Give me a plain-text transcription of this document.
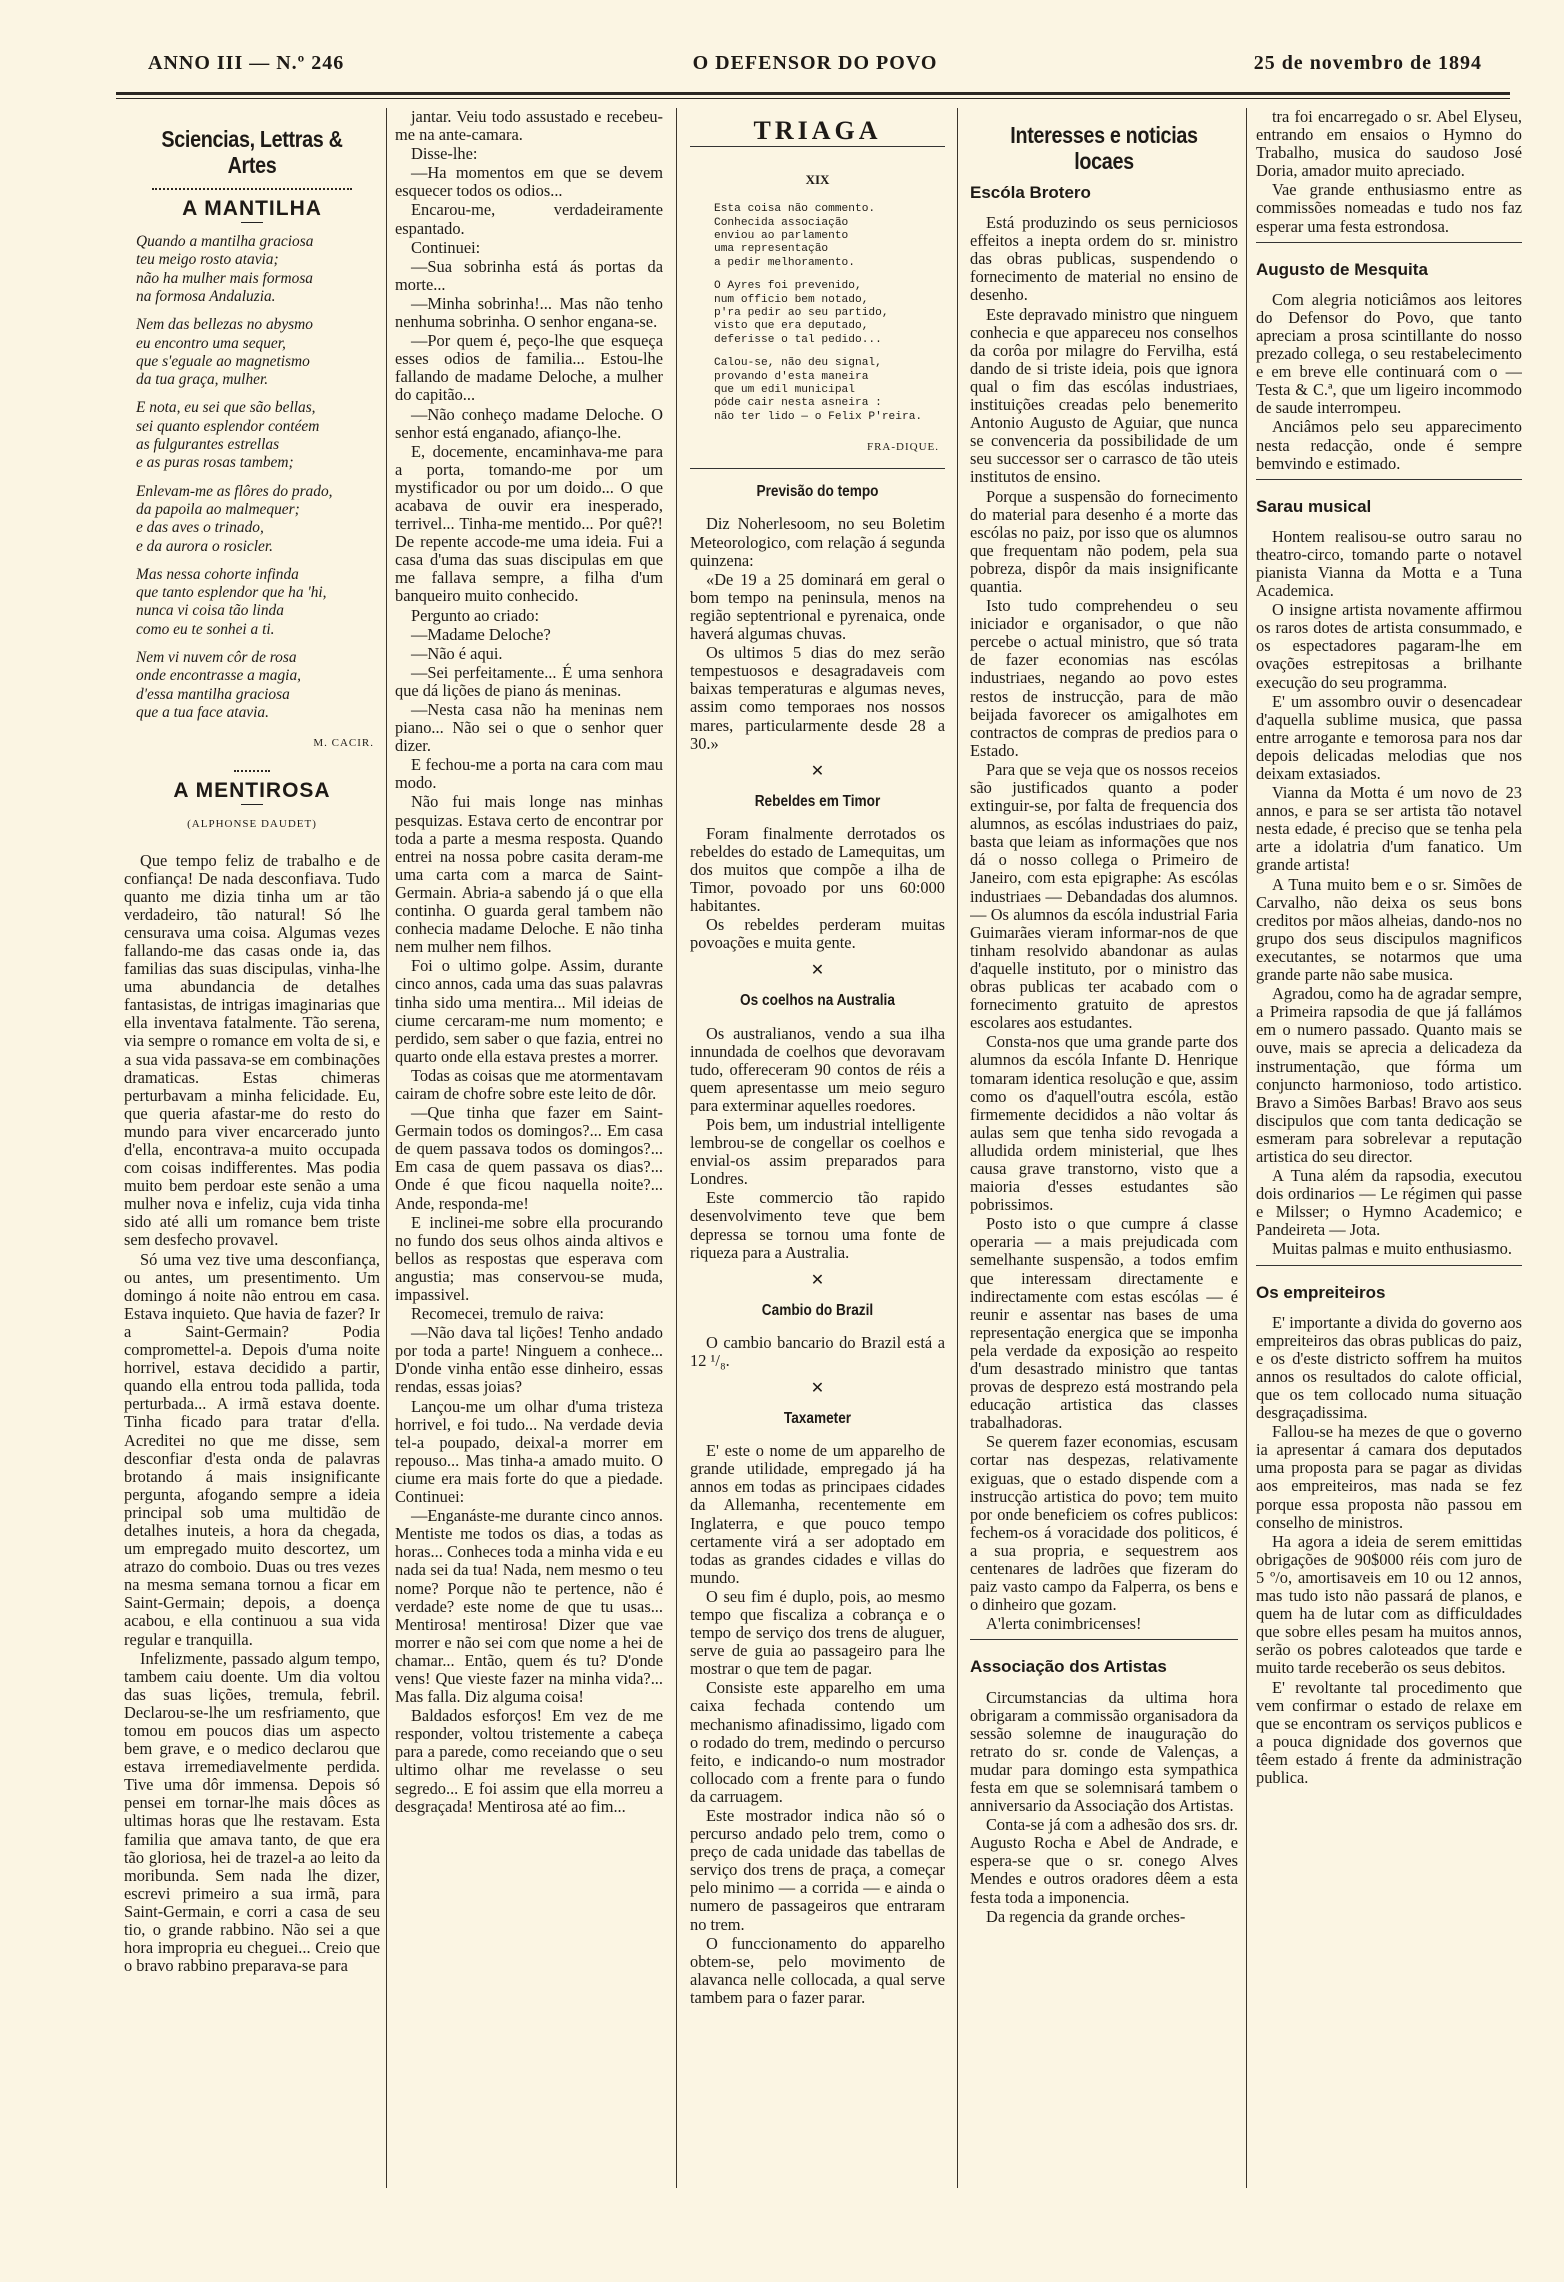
ANNO III — N.º 246	O DEFENSOR DO POVO	25 de novembro de 1894
Sciencias, Lettras & Artes
A MANTILHA
Quando a mantilha graciosa
teu meigo rosto atavia;
não ha mulher mais formosa
na formosa Andaluzia.

Nem das bellezas no abysmo
eu encontro uma sequer,
que s'eguale ao magnetismo
da tua graça, mulher.

E nota, eu sei que são bellas,
sei quanto esplendor contéem
as fulgurantes estrellas
e as puras rosas tambem;

Enlevam-me as flôres do prado,
da papoila ao malmequer;
e das aves o trinado,
e da aurora o rosicler.

Mas nessa cohorte infinda
que tanto esplendor que ha 'hi,
nunca vi coisa tão linda
como eu te sonhei a ti.

Nem vi nuvem côr de rosa
onde encontrasse a magia,
d'essa mantilha graciosa
que a tua face atavia.
M. CACIR.
A MENTIROSA
(ALPHONSE DAUDET)

Que tempo feliz de trabalho e de confiança! De nada desconfiava. Tudo quanto me dizia tinha um ar tão verdadeiro, tão natural! Só lhe censurava uma coisa. Algumas vezes fallando-me das casas onde ia, das familias das suas discipulas, vinha-lhe uma abundancia de detalhes fantasistas, de intrigas imaginarias que ella inventava fatalmente. Tão serena, via sempre o romance em volta de si, e a sua vida passava-se em combinações dramaticas. Estas chimeras perturbavam a minha felicidade. Eu, que queria afastar-me do resto do mundo para viver encarcerado junto d'ella, encontrava-a muito occupada com coisas indifferentes. Mas podia muito bem perdoar este senão a uma mulher nova e infeliz, cuja vida tinha sido até alli um romance bem triste sem desfecho provavel.

Só uma vez tive uma desconfiança, ou antes, um presentimento. Um domingo á noite não entrou em casa. Estava inquieto. Que havia de fazer? Ir a Saint-Germain? Podia compromettel-a. Depois d'uma noite horrivel, estava decidido a partir, quando ella entrou toda pallida, toda perturbada... A irmã estava doente. Tinha ficado para tratar d'ella. Acreditei no que me disse, sem desconfiar d'esta onda de palavras brotando á mais insignificante pergunta, afogando sempre a ideia principal sob uma multidão de detalhes inuteis, a hora da chegada, um empregado muito descortez, um atrazo do comboio. Duas ou tres vezes na mesma semana tornou a ficar em Saint-Germain; depois, a doença acabou, e ella continuou a sua vida regular e tranquilla.

Infelizmente, passado algum tempo, tambem caiu doente. Um dia voltou das suas lições, tremula, febril. Declarou-se-lhe um resfriamento, que tomou em poucos dias um aspecto bem grave, e o medico declarou que estava irremediavelmente perdida. Tive uma dôr immensa. Depois só pensei em tornar-lhe mais dôces as ultimas horas que lhe restavam. Esta familia que amava tanto, de que era tão gloriosa, hei de trazel-a ao leito da moribunda. Sem nada lhe dizer, escrevi primeiro a sua irmã, para Saint-Germain, e corri a casa de seu tio, o grande rabbino. Não sei a que hora impropria eu cheguei... Creio que o bravo rabbino preparava-se para

jantar. Veiu todo assustado e recebeu-me na ante-camara.

Disse-lhe:

—Ha momentos em que se devem esquecer todos os odios...

Encarou-me, verdadeiramente espantado.

Continuei:

—Sua sobrinha está ás portas da morte...

—Minha sobrinha!... Mas não tenho nenhuma sobrinha. O senhor engana-se.

—Por quem é, peço-lhe que esqueça esses odios de familia... Estou-lhe fallando de madame Deloche, a mulher do capitão...

—Não conheço madame Deloche. O senhor está enganado, afianço-lhe.

E, docemente, encaminhava-me para a porta, tomando-me por um mystificador ou por um doido... O que acabava de ouvir era inesperado, terrivel... Tinha-me mentido... Por quê?! De repente accode-me uma ideia. Fui a casa d'uma das suas discipulas em que me fallava sempre, a filha d'um banqueiro muito conhecido.

Pergunto ao criado:

—Madame Deloche?

—Não é aqui.

—Sei perfeitamente... É uma senhora que dá lições de piano ás meninas.

—Nesta casa não ha meninas nem piano... Não sei o que o senhor quer dizer.

E fechou-me a porta na cara com mau modo.

Não fui mais longe nas minhas pesquizas. Estava certo de encontrar por toda a parte a mesma resposta. Quando entrei na nossa pobre casita deram-me uma carta com a marca de Saint-Germain. Abria-a sabendo já o que ella continha. O guarda geral tambem não conhecia madame Deloche. E não tinha nem mulher nem filhos.

Foi o ultimo golpe. Assim, durante cinco annos, cada uma das suas palavras tinha sido uma mentira... Mil ideias de ciume cercaram-me num momento; e perdido, sem saber o que fazia, entrei no quarto onde ella estava prestes a morrer.

Todas as coisas que me atormentavam cairam de chofre sobre este leito de dôr.

—Que tinha que fazer em Saint-Germain todos os domingos?... Em casa de quem passava todos os domingos?... Em casa de quem passava os dias?... Onde é que ficou naquella noite?... Ande, responda-me!

E inclinei-me sobre ella procurando no fundo dos seus olhos ainda altivos e bellos as respostas que esperava com angustia; mas conservou-se muda, impassivel.

Recomecei, tremulo de raiva:

—Não dava tal lições! Tenho andado por toda a parte! Ninguem a conhece... D'onde vinha então esse dinheiro, essas rendas, essas joias?

Lançou-me um olhar d'uma tristeza horrivel, e foi tudo... Na verdade devia tel-a poupado, deixal-a morrer em repouso... Mas tinha-a amado muito. O ciume era mais forte do que a piedade. Continuei:

—Enganáste-me durante cinco annos. Mentiste me todos os dias, a todas as horas... Conheces toda a minha vida e eu nada sei da tua! Nada, nem mesmo o teu nome? Porque não te pertence, não é verdade? este nome de que tu usas... Mentirosa! mentirosa! Dizer que vae morrer e não sei com que nome a hei de chamar... Então, quem és tu? D'onde vens! Que vieste fazer na minha vida?... Mas falla. Diz alguma coisa!

Baldados esforços! Em vez de me responder, voltou tristemente a cabeça para a parede, como receiando que o seu ultimo olhar me revelasse o seu segredo... E foi assim que ella morreu a desgraçada! Mentirosa até ao fim...

TRIAGA
XIX
Esta coisa não commento.
Conhecida associação
enviou ao parlamento
uma representação
a pedir melhoramento.

O Ayres foi prevenido,
num officio bem notado,
p'ra pedir ao seu partido,
visto que era deputado,
deferisse o tal pedido...

Calou-se, não deu signal,
provando d'esta maneira
que um edil municipal
póde cair nesta asneira :
não ter lido — o Felix P'reira.
FRA-DIQUE.
Previsão do tempo

Diz Noherlesoom, no seu Boletim Meteorologico, com relação á segunda quinzena:

«De 19 a 25 dominará em geral o bom tempo na peninsula, menos na região septentrional e pyrenaica, onde haverá algumas chuvas.

Os ultimos 5 dias do mez serão tempestuosos e desagradaveis com baixas temperaturas e algumas neves, assim como temporaes nos nossos mares, particularmente desde 28 a 30.»

✕
Rebeldes em Timor

Foram finalmente derrotados os rebeldes do estado de Lamequitas, um dos muitos que compõe a ilha de Timor, povoado por uns 60:000 habitantes.

Os rebeldes perderam muitas povoações e muita gente.

✕
Os coelhos na Australia

Os australianos, vendo a sua ilha innundada de coelhos que devoravam tudo, offereceram 90 contos de réis a quem apresentasse um meio seguro para exterminar aquelles roedores.

Pois bem, um industrial intelligente lembrou-se de congellar os coelhos e envial-os assim preparados para Londres.

Este commercio tão rapido desenvolvimento teve que bem depressa se tornou uma fonte de riqueza para a Australia.

✕
Cambio do Brazil

O cambio bancario do Brazil está a 12 ¹/₈.

✕
Taxameter

E' este o nome de um apparelho de grande utilidade, empregado já ha annos em todas as principaes cidades da Allemanha, recentemente em Inglaterra, e que pouco tempo certamente virá a ser adoptado em todas as grandes cidades e villas do mundo.

O seu fim é duplo, pois, ao mesmo tempo que fiscaliza a cobrança e o tempo de serviço dos trens de aluguer, serve de guia ao passageiro para lhe mostrar o que tem de pagar.

Consiste este apparelho em uma caixa fechada contendo um mechanismo afinadissimo, ligado com o rodado do trem, medindo o percurso feito, e indicando-o num mostrador collocado com a frente para o fundo da carruagem.

Este mostrador indica não só o percurso andado pelo trem, como o preço de cada unidade das tabellas de serviço dos trens de praça, a começar pelo minimo — a corrida — e ainda o numero de passageiros que entraram no trem.

O funccionamento do apparelho obtem-se, pelo movimento de alavanca nelle collocada, a qual serve tambem para o fazer parar.

Interesses e noticias locaes
Escóla Brotero

Está produzindo os seus perniciosos effeitos a inepta ordem do sr. ministro das obras publicas, suspendendo o fornecimento de material no ensino de desenho.

Este depravado ministro que ninguem conhecia e que appareceu nos conselhos da corôa por milagre do Fervilha, está dando de si triste ideia, pois que ignora qual o fim das escólas industriaes, instituições creadas pelo benemerito Antonio Augusto de Aguiar, que nunca se convenceria da possibilidade de um seu successor ser o carrasco de tão uteis institutos de ensino.

Porque a suspensão do fornecimento do material para desenho é a morte das escólas no paiz, por isso que os alumnos que frequentam não podem, pela sua pobreza, dispôr da mais insignificante quantia.

Isto tudo comprehendeu o seu iniciador e organisador, o que não percebe o actual ministro, que só trata de fazer economias nas escólas industriaes, negando ao povo estes restos de instrucção, para de mão beijada favorecer os amigalhotes em contractos de compras de predios para o Estado.

Para que se veja que os nossos receios são justificados quanto a poder extinguir-se, por falta de frequencia dos alumnos, as escólas industriaes do paiz, basta que leiam as informações que nos dá o nosso collega o Primeiro de Janeiro, com esta epigraphe: As escólas industriaes — Debandadas dos alumnos. — Os alumnos da escóla industrial Faria Guimarães vieram informar-nos de que tinham resolvido abandonar as aulas d'aquelle instituto, por o ministro das obras publicas ter acabado com o fornecimento gratuito de aprestos escolares aos estudantes.

Consta-nos que uma grande parte dos alumnos da escóla Infante D. Henrique tomaram identica resolução e que, assim como os d'aquell'outra escóla, estão firmemente decididos a não voltar ás aulas sem que tenha sido revogada a alludida ordem ministerial, que lhes causa grave transtorno, visto que a maioria d'esses estudantes são pobrissimos.

Posto isto o que cumpre á classe operaria — a mais prejudicada com semelhante suspensão, a todos emfim que interessam directamente e indirectamente com estas escólas — é reunir e assentar nas bases de uma representação energica que se imponha pela verdade da exposição ao respeito d'um desastrado ministro que tantas provas de desprezo está mostrando pela educação artistica das classes trabalhadoras.

Se querem fazer economias, escusam cortar nas despezas, relativamente exiguas, que o estado dispende com a instrucção artistica do povo; tem muito por onde beneficiem os cofres publicos: fechem-os á voracidade dos politicos, é a sua propria, e sequestrem aos centenares de ladrões que fizeram do paiz vasto campo da Falperra, os bens e o dinheiro que gozam.

A'lerta conimbricenses!

Associação dos Artistas

Circumstancias da ultima hora obrigaram a commissão organisadora da sessão solemne de inauguração do retrato do sr. conde de Valenças, a mudar para domingo esta sympathica festa em que se solemnisará tambem o anniversario da Associação dos Artistas.

Conta-se já com a adhesão dos srs. dr. Augusto Rocha e Abel de Andrade, e espera-se que o sr. conego Alves Mendes e outros oradores dêem a esta festa toda a imponencia.

Da regencia da grande orches-

tra foi encarregado o sr. Abel Elyseu, entrando em ensaios o Hymno do Trabalho, musica do saudoso José Doria, amador muito apreciado.

Vae grande enthusiasmo entre as commissões nomeadas e tudo nos faz esperar uma festa estrondosa.

Augusto de Mesquita

Com alegria noticiâmos aos leitores do Defensor do Povo, que tanto apreciam a prosa scintillante do nosso prezado collega, o seu restabelecimento e em breve elle continuará com o — Testa & C.ª, que um ligeiro incommodo de saude interrompeu.

Anciâmos pelo seu apparecimento nesta redacção, onde é sempre bemvindo e estimado.

Sarau musical

Hontem realisou-se outro sarau no theatro-circo, tomando parte o notavel pianista Vianna da Motta e a Tuna Academica.

O insigne artista novamente affirmou os raros dotes de artista consummado, e os espectadores pagaram-lhe em ovações estrepitosas a brilhante execução do seu programma.

E' um assombro ouvir o desencadear d'aquella sublime musica, que passa entre arrogante e temorosa para nos dar depois delicadas melodias que nos deixam extasiados.

Vianna da Motta é um novo de 23 annos, e para se ser artista tão notavel nesta edade, é preciso que se tenha pela arte a idolatria d'um fanatico. Um grande artista!

A Tuna muito bem e o sr. Simões de Carvalho, não deixa os seus bons creditos por mãos alheias, dando-nos no grupo dos seus discipulos magnificos executantes, se notarmos que uma grande parte não sabe musica.

Agradou, como ha de agradar sempre, a Primeira rapsodia de que já fallámos em o numero passado. Quanto mais se ouve, mais se aprecia a delicadeza da instrumentação, que fórma um conjuncto harmonioso, todo artistico. Bravo a Simões Barbas! Bravo aos seus discipulos que com tanta dedicação se esmeram para sobrelevar a reputação artistica do seu director.

A Tuna além da rapsodia, executou dois ordinarios — Le régimen qui passe e Milsser; o Hymno Academico; e Pandeireta — Jota.

Muitas palmas e muito enthusiasmo.

Os empreiteiros

E' importante a divida do governo aos empreiteiros das obras publicas do paiz, e os d'este districto soffrem ha muitos annos os resultados do calote official, que os tem collocado numa situação desgraçadissima.

Fallou-se ha mezes de que o governo ia apresentar á camara dos deputados uma proposta para se pagar as dividas aos empreiteiros, mas nada se fez porque essa proposta não passou em conselho de ministros.

Ha agora a ideia de serem emittidas obrigações de 90$000 réis com juro de 5 º/o, amortisaveis em 10 ou 12 annos, mas tudo isto não passará de planos, e quem ha de lutar com as difficuldades que sobre elles pesam ha muitos annos, serão os pobres caloteados que tarde e muito tarde receberão os seus debitos.

E' revoltante tal procedimento que vem confirmar o estado de relaxe em que se encontram os serviços publicos e a pouca dignidade dos governos que têem estado á frente da administração publica.
